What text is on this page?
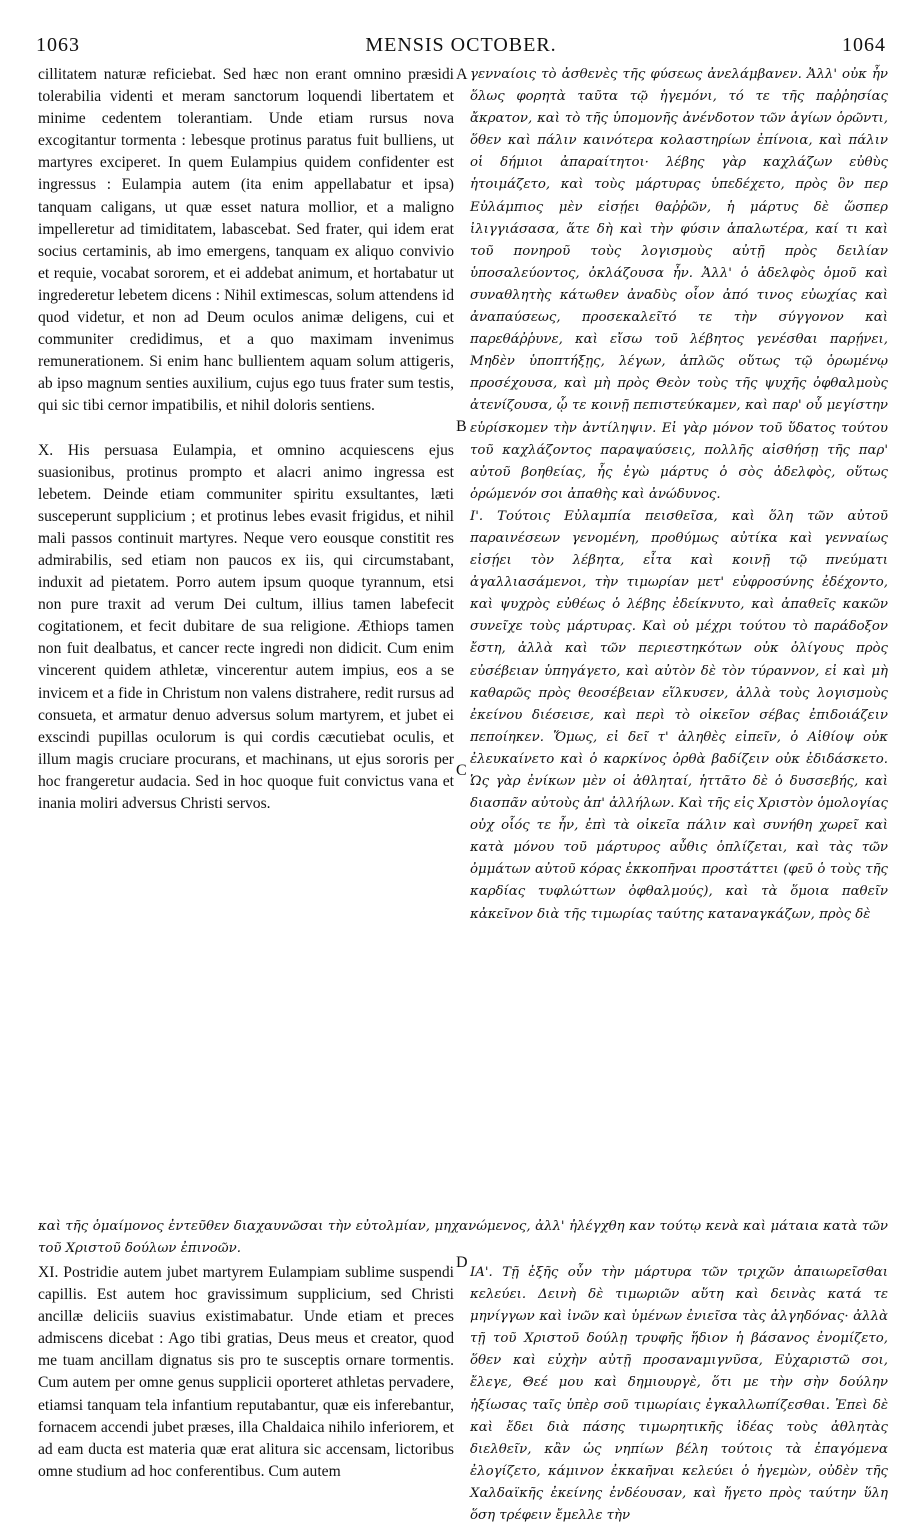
1063	MENSIS OCTOBER.	1064

cillitatem naturæ reficiebat. Sed hæc non erant omnino præsidi tolerabilia videnti et meram sanctorum loquendi libertatem et minime cedentem tolerantiam. Unde etiam rursus nova excogitantur tormenta : lebesque protinus paratus fuit bulliens, ut martyres exciperet. In quem Eulampius quidem confidenter est ingressus : Eulampia autem (ita enim appellabatur et ipsa) tanquam caligans, ut quæ esset natura mollior, et a maligno impelleretur ad timiditatem, labascebat. Sed frater, qui idem erat socius certaminis, ab imo emergens, tanquam ex aliquo convivio et requie, vocabat sororem, et ei addebat animum, et hortabatur ut ingrederetur lebetem dicens : Nihil extimescas, solum attendens id quod videtur, et non ad Deum oculos animæ deligens, cui et communiter credidimus, et a quo maximam invenimus remunerationem. Si enim hanc bullientem aquam solum attigeris, ab ipso magnum senties auxilium, cujus ego tuus frater sum testis, qui sic tibi cernor impatibilis, et nihil doloris sentiens.

X. His persuasa Eulampia, et omnino acquiescens ejus suasionibus, protinus prompto et alacri animo ingressa est lebetem. Deinde etiam communiter spiritu exsultantes, læti susceperunt supplicium ; et protinus lebes evasit frigidus, et nihil mali passos continuit martyres. Neque vero eousque constitit res admirabilis, sed etiam non paucos ex iis, qui circumstabant, induxit ad pietatem. Porro autem ipsum quoque tyrannum, etsi non pure traxit ad verum Dei cultum, illius tamen labefecit cogitationem, et fecit dubitare de sua religione. Æthiops tamen non fuit dealbatus, et cancer recte ingredi non didicit. Cum enim vincerent quidem athletæ, vincerentur autem impius, eos a se invicem et a fide in Christum non valens distrahere, redit rursus ad consueta, et armatur denuo adversus solum martyrem, et jubet ei exscindi pupillas oculorum is qui cordis cæcutiebat oculis, et illum magis cruciare procurans, et machinans, ut ejus sororis per hoc frangeretur audacia. Sed in hoc quoque fuit convictus vana et inania moliri adversus Christi servos.

γενναίοις τὸ ἀσθενὲς τῆς φύσεως ἀνελάμβανεν. Ἀλλ' οὐκ ἦν ὅλως φορητὰ ταῦτα τῷ ἡγεμόνι, τό τε τῆς παῤῥησίας ἄκρατον, καὶ τὸ τῆς ὑπομονῆς ἀνένδοτον τῶν ἁγίων ὁρῶντι, ὅθεν καὶ πάλιν καινότερα κολαστηρίων ἐπίνοια, καὶ πάλιν οἱ δήμιοι ἀπαραίτητοι· λέβης γὰρ καχλάζων εὐθὺς ἡτοιμάζετο, καὶ τοὺς μάρτυρας ὑπεδέχετο, πρὸς ὃν περ Εὐλάμπιος μὲν εἰσῄει θαῤῥῶν, ἡ μάρτυς δὲ ὥσπερ ἰλιγγιάσασα, ἅτε δὴ καὶ τὴν φύσιν ἁπαλωτέρα, καί τι καὶ τοῦ πονηροῦ τοὺς λογισμοὺς αὐτῇ πρὸς δειλίαν ὑποσαλεύοντος, ὀκλάζουσα ἦν. Ἀλλ' ὁ ἀδελφὸς ὁμοῦ καὶ συναθλητὴς κάτωθεν ἀναδὺς οἷον ἀπό τινος εὐωχίας καὶ ἀναπαύσεως, προσεκαλεῖτό τε τὴν σύγγονον καὶ παρεθάῤῥυνε, καὶ εἴσω τοῦ λέβητος γενέσθαι παρῄνει, Μηδὲν ὑποπτήξῃς, λέγων, ἁπλῶς οὕτως τῷ ὁρωμένῳ προσέχουσα, καὶ μὴ πρὸς Θεὸν τοὺς τῆς ψυχῆς ὀφθαλμοὺς ἀτενίζουσα, ᾧ τε κοινῇ πεπιστεύκαμεν, καὶ παρ' οὗ μεγίστην εὑρίσκομεν τὴν ἀντίληψιν. Εἰ γὰρ μόνον τοῦ ὕδατος τούτου τοῦ καχλάζοντος παραψαύσεις, πολλῆς αἰσθήσῃ τῆς παρ' αὐτοῦ βοηθείας, ἧς ἐγὼ μάρτυς ὁ σὸς ἀδελφὸς, οὕτως ὁρώμενόν σοι ἀπαθὴς καὶ ἀνώδυνος.

Ι'. Τούτοις Εὐλαμπία πεισθεῖσα, καὶ ὅλη τῶν αὐτοῦ παραινέσεων γενομένη, προθύμως αὐτίκα καὶ γενναίως εἰσῄει τὸν λέβητα, εἶτα καὶ κοινῇ τῷ πνεύματι ἀγαλλιασάμενοι, τὴν τιμωρίαν μετ' εὐφροσύνης ἐδέχοντο, καὶ ψυχρὸς εὐθέως ὁ λέβης ἐδείκνυτο, καὶ ἀπαθεῖς κακῶν συνεῖχε τοὺς μάρτυρας. Καὶ οὐ μέχρι τούτου τὸ παράδοξον ἔστη, ἀλλὰ καὶ τῶν περιεστηκότων οὐκ ὀλίγους πρὸς εὐσέβειαν ὑπηγάγετο, καὶ αὐτὸν δὲ τὸν τύραννον, εἰ καὶ μὴ καθαρῶς πρὸς θεοσέβειαν εἵλκυσεν, ἀλλὰ τοὺς λογισμοὺς ἐκείνου διέσεισε, καὶ περὶ τὸ οἰκεῖον σέβας ἐπιδοιάζειν πεποίηκεν. Ὅμως, εἰ δεῖ τ' ἀληθὲς εἰπεῖν, ὁ Αἰθίοψ οὐκ ἐλευκαίνετο καὶ ὁ καρκίνος ὀρθὰ βαδίζειν οὐκ ἐδιδάσκετο. Ὡς γὰρ ἐνίκων μὲν οἱ ἀθληταί, ἡττᾶτο δὲ ὁ δυσσεβής, καὶ διασπᾶν αὐτοὺς ἀπ' ἀλλήλων. Καὶ τῆς εἰς Χριστὸν ὁμολογίας οὐχ οἷός τε ἦν, ἐπὶ τὰ οἰκεῖα πάλιν καὶ συνήθη χωρεῖ καὶ κατὰ μόνου τοῦ μάρτυρος αὖθις ὁπλίζεται, καὶ τὰς τῶν ὀμμάτων αὐτοῦ κόρας ἐκκοπῆναι προστάττει (φεῦ ὁ τοὺς τῆς καρδίας τυφλώττων ὀφθαλμούς), καὶ τὰ ὅμοια παθεῖν κἀκεῖνον διὰ τῆς τιμωρίας ταύτης καταναγκάζων, πρὸς δὲ

A
B
C
D

καὶ τῆς ὁμαίμονος ἐντεῦθεν διαχαυνῶσαι τὴν εὐτολμίαν, μηχανώμενος, ἀλλ' ἠλέγχθη καν τούτῳ κενὰ καὶ μάταια κατὰ τῶν τοῦ Χριστοῦ δούλων ἐπινοῶν.

XI. Postridie autem jubet martyrem Eulampiam sublime suspendi capillis. Est autem hoc gravissimum supplicium, sed Christi ancillæ deliciis suavius existimabatur. Unde etiam et preces admiscens dicebat : Ago tibi gratias, Deus meus et creator, quod me tuam ancillam dignatus sis pro te susceptis ornare tormentis. Cum autem per omne genus supplicii oporteret athletas pervadere, etiamsi tanquam tela infantium reputabantur, quæ eis inferebantur, fornacem accendi jubet præses, illa Chaldaica nihilo inferiorem, et ad eam ducta est materia quæ erat alitura sic accensam, lictoribus omne studium ad hoc conferentibus. Cum autem

ΙΑ'. Τῇ ἑξῆς οὖν τὴν μάρτυρα τῶν τριχῶν ἀπαιωρεῖσθαι κελεύει. Δεινὴ δὲ τιμωριῶν αὕτη καὶ δεινὰς κατά τε μηνίγγων καὶ ἰνῶν καὶ ὑμένων ἐνιεῖσα τὰς ἀλγηδόνας· ἀλλὰ τῇ τοῦ Χριστοῦ δούλῃ τρυφῆς ἥδιον ἡ βάσανος ἐνομίζετο, ὅθεν καὶ εὐχὴν αὐτῇ προσαναμιγνῦσα, Εὐχαριστῶ σοι, ἔλεγε, Θεέ μου καὶ δημιουργὲ, ὅτι με τὴν σὴν δούλην ἠξίωσας ταῖς ὑπὲρ σοῦ τιμωρίαις ἐγκαλλωπίζεσθαι. Ἐπεὶ δὲ καὶ ἔδει διὰ πάσης τιμωρητικῆς ἰδέας τοὺς ἀθλητὰς διελθεῖν, κἂν ὡς νηπίων βέλη τούτοις τὰ ἐπαγόμενα ἐλογίζετο, κάμινον ἐκκαῆναι κελεύει ὁ ἡγεμὼν, οὐδὲν τῆς Χαλδαϊκῆς ἐκείνης ἐνδέουσαν, καὶ ἤγετο πρὸς ταύτην ὕλη ὅση τρέφειν ἔμελλε τὴν
